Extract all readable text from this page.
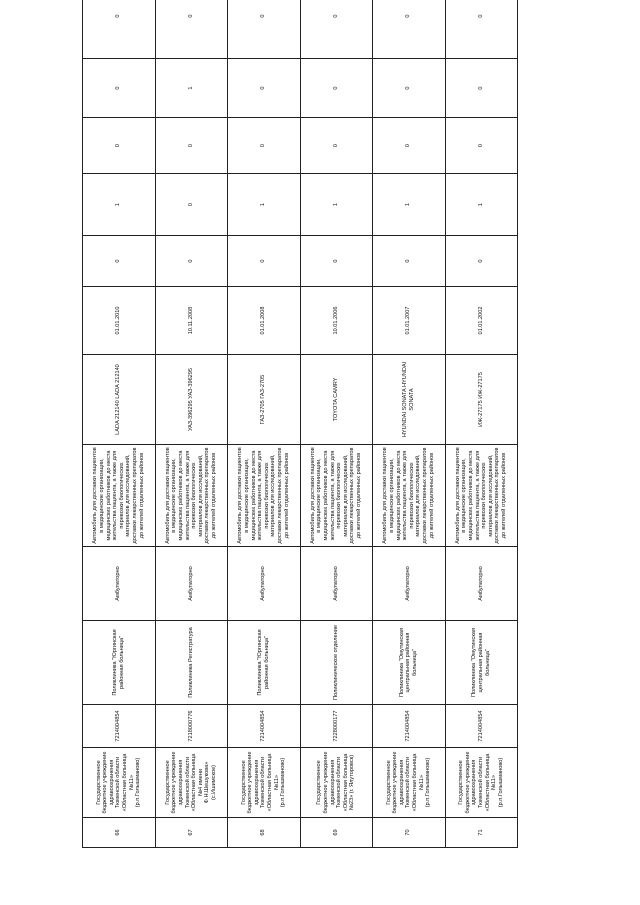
66	Государственное бюджетное учреждение здравоохранения Тюменской области «Областная больница №11» (р.п.Голышманово)	7214004854	Поликлиника "Юргинская районная больница"	Амбулаторно	Автомобиль для доставки пациентов в медицинские организации, медицинских работников до места жительства пациента, а также для перевозки биологических материалов для исследований, доставки лекарственных препаратов до жителей отдаленных районов	LADA 212140 LADA 212140	01.01.2010	0	1	0	0	0
67	Государственное бюджетное учреждение здравоохранения Тюменской области «Областная больница №4 имени Ф.Н.Шешукова» (с.Ишимское)	7218000776	Поликлиника Регистратура	Амбулаторно	Автомобиль для доставки пациентов в медицинские организации, медицинских работников до места жительства пациента, а также для перевозки биологических материалов для исследований, доставки лекарственных препаратов до жителей отдаленных районов	УАЗ-396295 УАЗ-396295	10.11.2008	0	0	0	1	0
68	Государственное бюджетное учреждение здравоохранения Тюменской области «Областная больница №11» (р.п.Голышманово)	7214004854	Поликлиника "Юргинская районная больница"	Амбулаторно	Автомобиль для доставки пациентов в медицинские организации, медицинских работников до места жительства пациента, а также для перевозки биологических материалов для исследований, доставки лекарственных препаратов до жителей отдаленных районов	ГАЗ-2705 ГАЗ-2705	01.01.2008	0	1	0	0	0
69	Государственное бюджетное учреждение здравоохранения Тюменской области «Областная больница №23» (г. Ялуторовск)	7228000177	Поликлиническое отделение	Амбулаторно	Автомобиль для доставки пациентов в медицинские организации, медицинских работников до места жительства пациента, а также для перевозки биологических материалов для исследований, доставки лекарственных препаратов до жителей отдаленных районов	TOYOTA CAMRY	10.01.2006	0	1	0	0	0
70	Государственное бюджетное учреждение здравоохранения Тюменской области «Областная больница №11» (р.п.Голышманово)	7214004854	Поликлиника "Омутинская центральная районная больница"	Амбулаторно	Автомобиль для доставки пациентов в медицинские организации, медицинских работников до места жительства пациента, а также для перевозки биологических материалов для исследований, доставки лекарственных препаратов до жителей отдаленных районов	HYUNDAI SONATA HYUNDAI SONATA	01.01.2007	0	1	0	0	0
71	Государственное бюджетное учреждение здравоохранения Тюменской области «Областная больница №11» (р.п.Голышманово)	7214004854	Поликлиника "Омутинская центральная районная больница"	Амбулаторно	Автомобиль для доставки пациентов в медицинские организации, медицинских работников до места жительства пациента, а также для перевозки биологических материалов для исследований, доставки лекарственных препаратов до жителей отдаленных районов	ИЖ-27175 ИЖ-27175	01.01.2002	0	1	0	0	0
